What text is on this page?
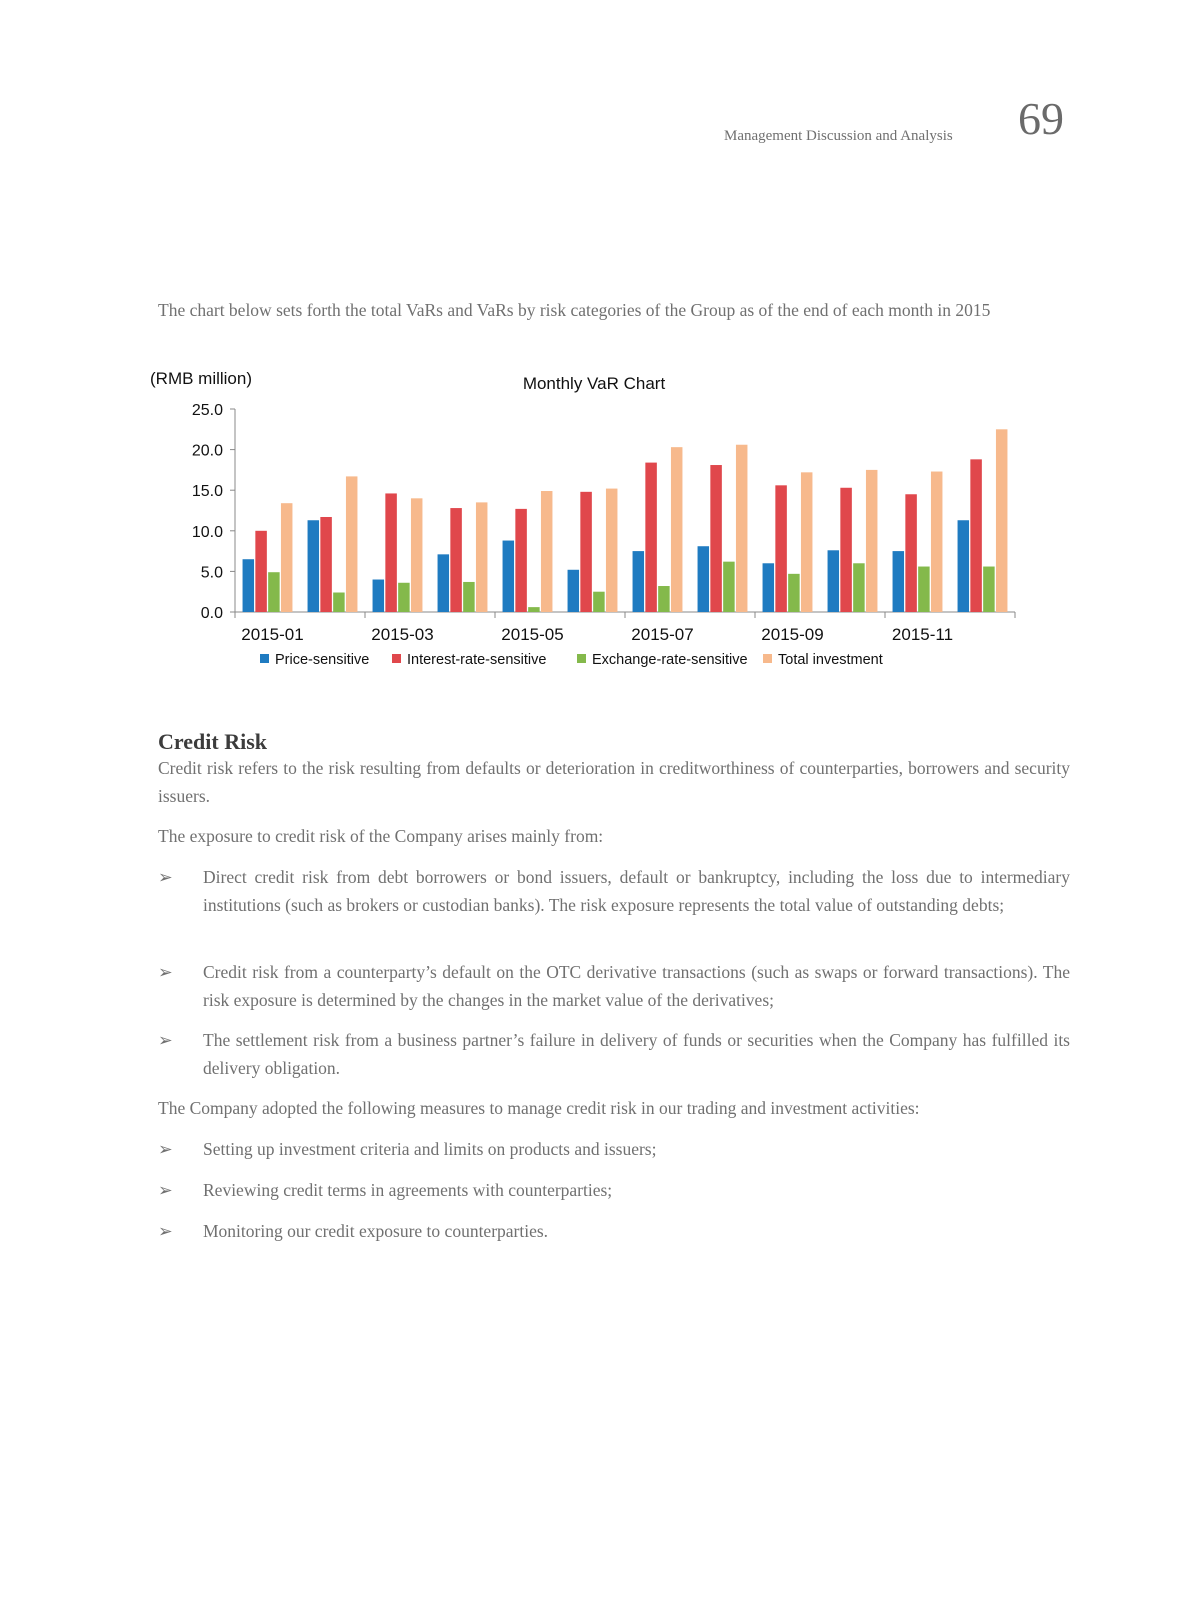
Management Discussion and Analysis 69
The chart below sets forth the total VaRs and VaRs by risk categories of the Group as of the end of each month in 2015
(RMB million)	Monthly VaR Chart
0.0
5.0
10.0
15.0
20.0
25.0
2015-01	2015-03	2015-05	2015-07	2015-09	2015-11
Price-sensitive	Interest-rate-sensitive	Exchange-rate-sensitive Total investment
Credit Risk
Credit risk refers to the risk resulting from defaults or deterioration in creditworthiness of counterparties, borrowers and security issuers.
The exposure to credit risk of the Company arises mainly from:
➢ Direct credit risk from debt borrowers or bond issuers, default or bankruptcy, including the loss due to intermediary institutions (such as brokers or custodian banks). The risk exposure represents the total value of outstanding debts;
➢ Credit risk from a counterparty’s default on the OTC derivative transactions (such as swaps or forward transactions). The risk exposure is determined by the changes in the market value of the derivatives;
➢ The settlement risk from a business partner’s failure in delivery of funds or securities when the Company has fulfilled its delivery obligation.
The Company adopted the following measures to manage credit risk in our trading and investment activities:
➢ Setting up investment criteria and limits on products and issuers;
➢ Reviewing credit terms in agreements with counterparties;
➢ Monitoring our credit exposure to counterparties.
